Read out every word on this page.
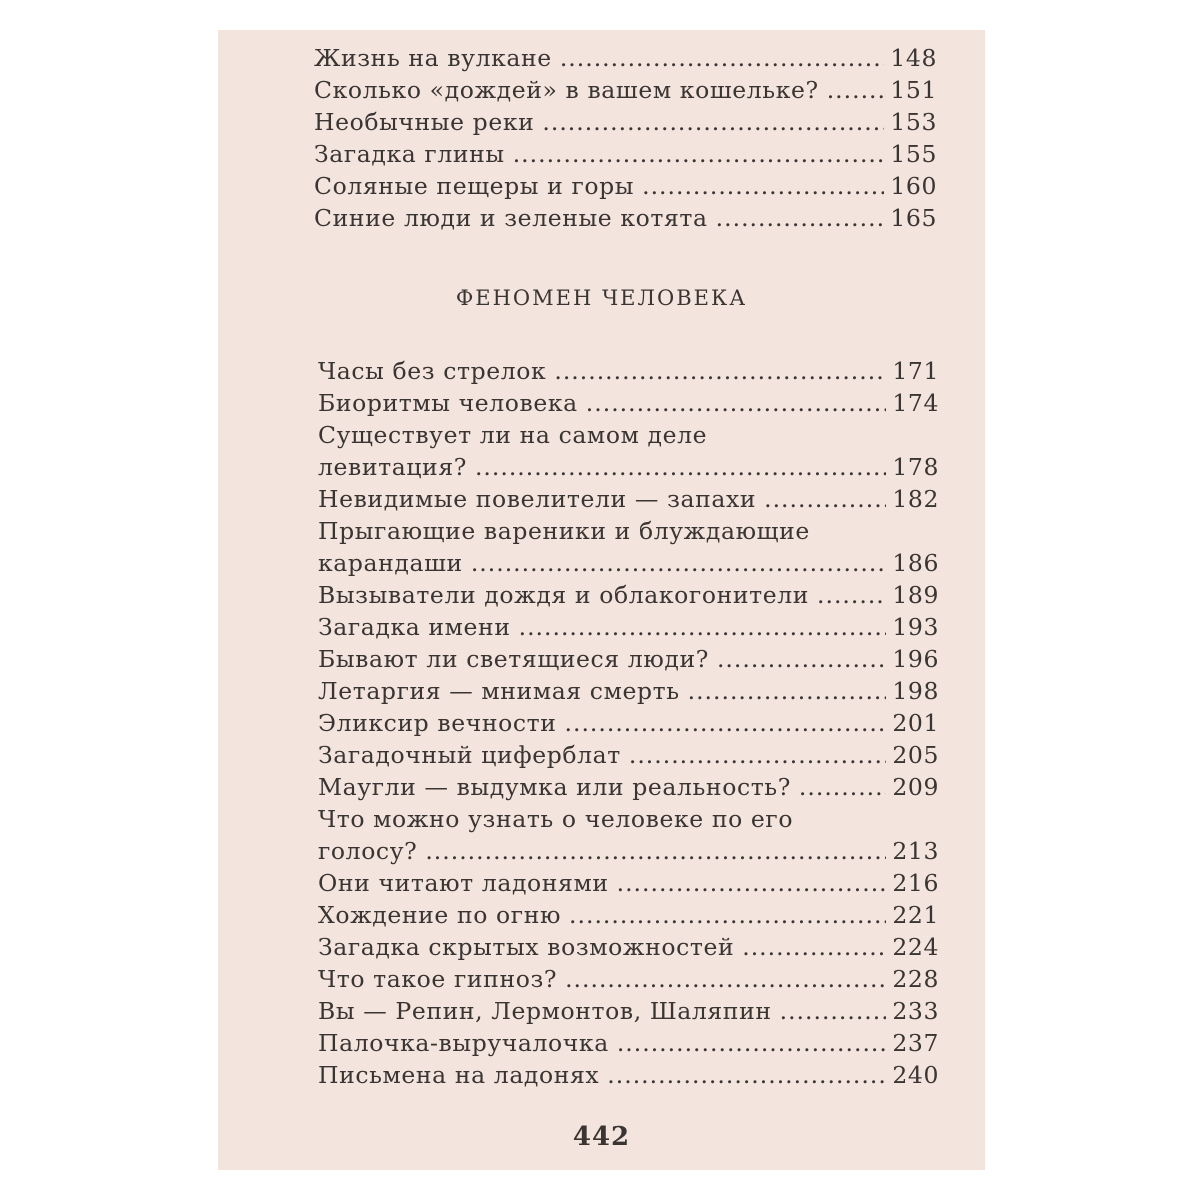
Жизнь на вулкане .....	148
Сколько «дождей» в вашем кошельке? .....	151
Необычные реки .....	153
Загадка глины .....	155
Соляные пещеры и горы .....	160
Синие люди и зеленые котята .....	165
ФЕНОМЕН ЧЕЛОВЕКА
Часы без стрелок .....	171
Биоритмы человека .....	174
Существует ли на самом деле
левитация? .....	178
Невидимые повелители — запахи .....	182
Прыгающие вареники и блуждающие
карандаши .....	186
Вызыватели дождя и облакогонители .....	189
Загадка имени .....	193
Бывают ли светящиеся люди? .....	196
Летаргия — мнимая смерть .....	198
Эликсир вечности .....	201
Загадочный циферблат .....	205
Маугли — выдумка или реальность? .....	209
Что можно узнать о человеке по его
голосу? .....	213
Они читают ладонями .....	216
Хождение по огню .....	221
Загадка скрытых возможностей .....	224
Что такое гипноз? .....	228
Вы — Репин, Лермонтов, Шаляпин .....	233
Палочка-выручалочка .....	237
Письмена на ладонях .....	240
442
